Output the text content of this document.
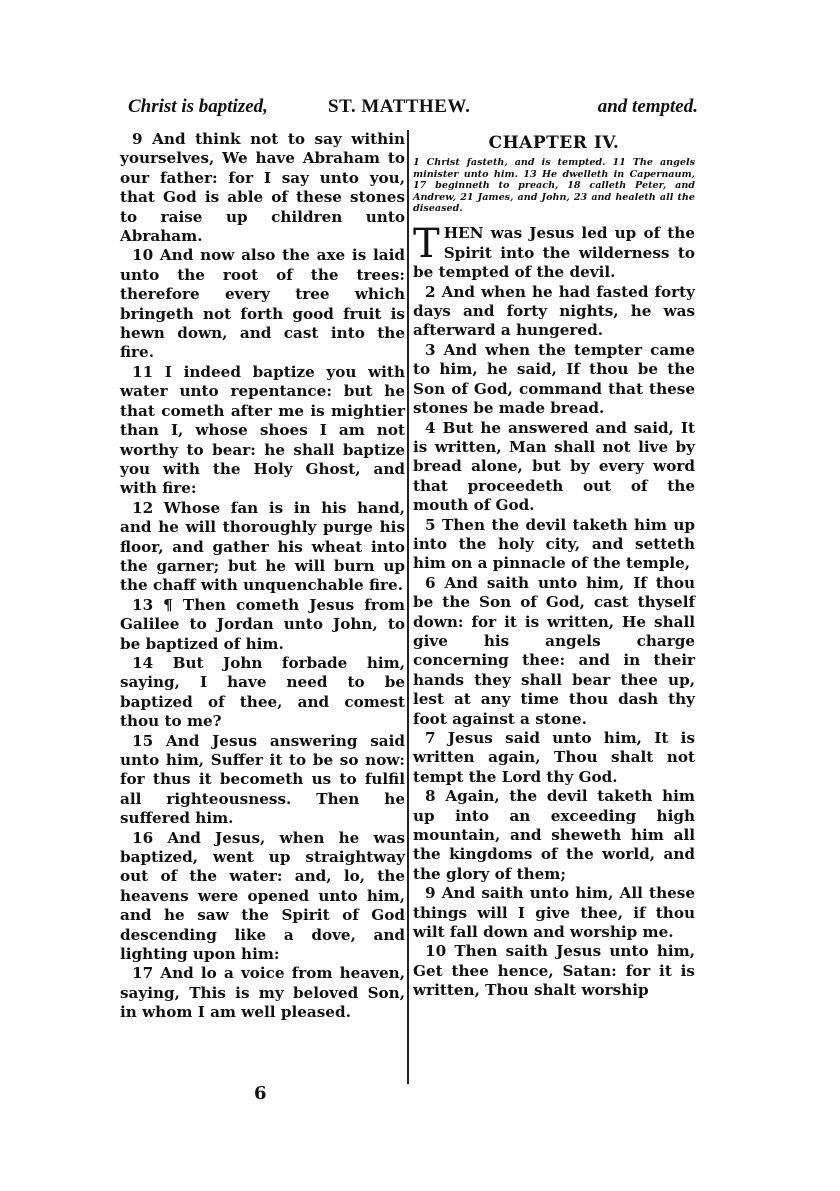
Christ is baptized,	ST. MATTHEW.	and tempted.

9 And think not to say within yourselves, We have Abraham to our father: for I say unto you, that God is able of these stones to raise up children unto Abraham.

10 And now also the axe is laid unto the root of the trees: therefore every tree which bringeth not forth good fruit is hewn down, and cast into the fire.

11 I indeed baptize you with water unto repentance: but he that cometh after me is mightier than I, whose shoes I am not worthy to bear: he shall baptize you with the Holy Ghost, and with fire:

12 Whose fan is in his hand, and he will thoroughly purge his floor, and gather his wheat into the garner; but he will burn up the chaff with unquenchable fire.

13 ¶ Then cometh Jesus from Galilee to Jordan unto John, to be baptized of him.

14 But John forbade him, saying, I have need to be baptized of thee, and comest thou to me?

15 And Jesus answering said unto him, Suffer it to be so now: for thus it becometh us to fulfil all righteousness. Then he suffered him.

16 And Jesus, when he was baptized, went up straightway out of the water: and, lo, the heavens were opened unto him, and he saw the Spirit of God descending like a dove, and lighting upon him:

17 And lo a voice from heaven, saying, This is my beloved Son, in whom I am well pleased.

CHAPTER IV.

1 Christ fasteth, and is tempted. 11 The angels minister unto him. 13 He dwelleth in Capernaum, 17 beginneth to preach, 18 calleth Peter, and Andrew, 21 James, and John, 23 and healeth all the diseased.

THEN was Jesus led up of the Spirit into the wilderness to be tempted of the devil.

2 And when he had fasted forty days and forty nights, he was afterward a hungered.

3 And when the tempter came to him, he said, If thou be the Son of God, command that these stones be made bread.

4 But he answered and said, It is written, Man shall not live by bread alone, but by every word that proceedeth out of the mouth of God.

5 Then the devil taketh him up into the holy city, and setteth him on a pinnacle of the temple,

6 And saith unto him, If thou be the Son of God, cast thyself down: for it is written, He shall give his angels charge concerning thee: and in their hands they shall bear thee up, lest at any time thou dash thy foot against a stone.

7 Jesus said unto him, It is written again, Thou shalt not tempt the Lord thy God.

8 Again, the devil taketh him up into an exceeding high mountain, and sheweth him all the kingdoms of the world, and the glory of them;

9 And saith unto him, All these things will I give thee, if thou wilt fall down and worship me.

10 Then saith Jesus unto him, Get thee hence, Satan: for it is written, Thou shalt worship

6
